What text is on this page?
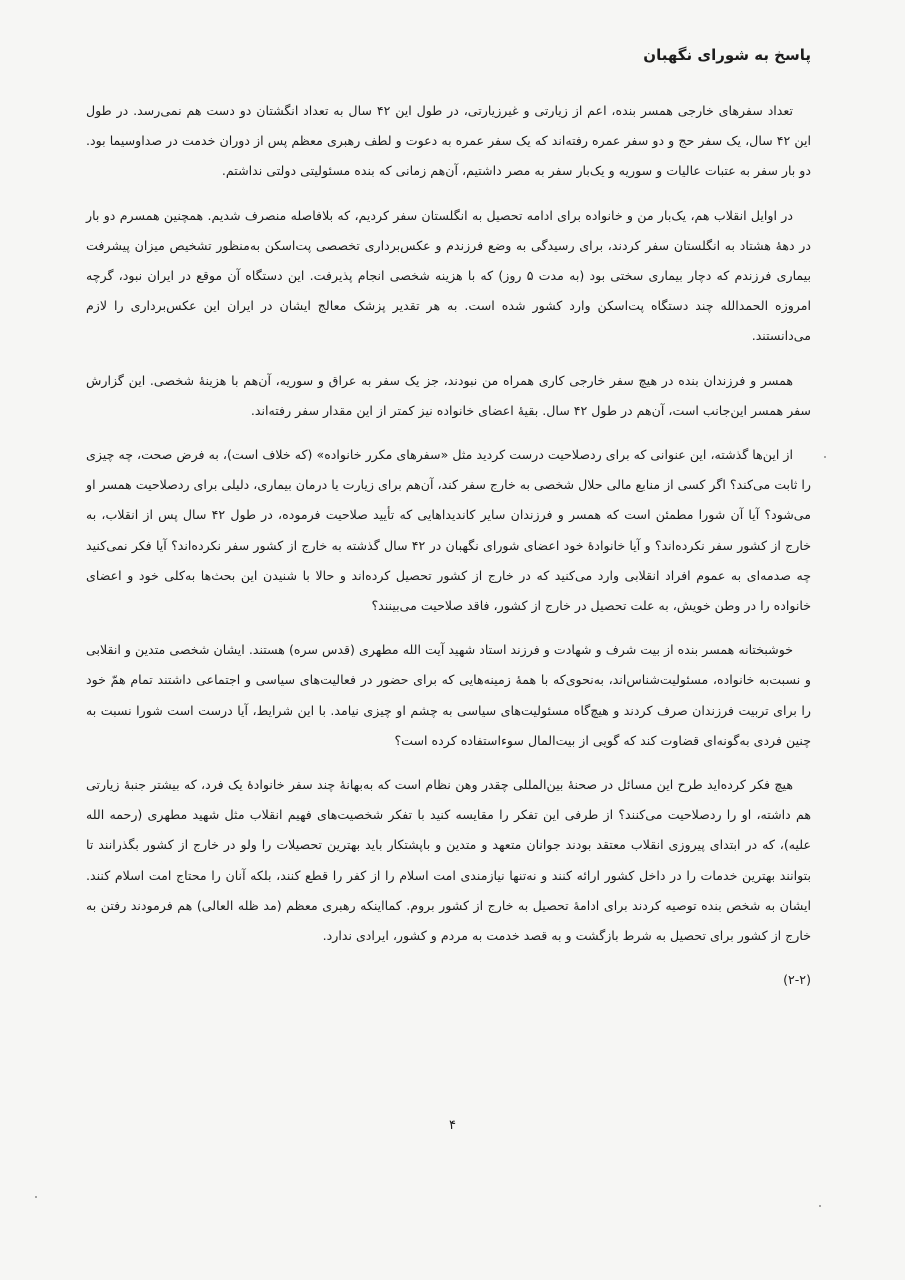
پاسخ به شورای نگهبان

تعداد سفرهای خارجی همسر بنده، اعم از زیارتی و غیرزیارتی، در طول این ۴۲ سال به تعداد انگشتان دو دست هم نمی‌رسد. در طول این ۴۲ سال، یک سفر حج و دو سفر عمره رفته‌اند که یک سفر عمره به دعوت و لطف رهبری معظم پس از دوران خدمت در صداوسیما بود. دو بار سفر به عتبات عالیات و سوریه و یک‌بار سفر به مصر داشتیم، آن‌هم زمانی که بنده مسئولیتی دولتی نداشتم.

در اوایل انقلاب هم، یک‌بار من و خانواده برای ادامه تحصیل به انگلستان سفر کردیم، که بلافاصله منصرف شدیم. همچنین همسرم دو بار در دههٔ هشتاد به انگلستان سفر کردند، برای رسیدگی به وضع فرزندم و عکس‌برداری تخصصی پت‌اسکن به‌منظور تشخیص میزان پیشرفت بیماری فرزندم که دچار بیماری سختی بود (به مدت ۵ روز) که با هزینه شخصی انجام پذیرفت. این دستگاه آن موقع در ایران نبود، گرچه امروزه الحمدالله چند دستگاه پت‌اسکن وارد کشور شده است. به هر تقدیر پزشک معالج ایشان در ایران این عکس‌برداری را لازم می‌دانستند.

همسر و فرزندان بنده در هیچ سفر خارجی کاری همراه من نبودند، جز یک سفر به عراق و سوریه، آن‌هم با هزینهٔ شخصی. این گزارش سفر همسر این‌جانب است، آن‌هم در طول ۴۲ سال. بقیهٔ اعضای خانواده نیز کمتر از این مقدار سفر رفته‌اند.

از این‌ها گذشته، این عنوانی که برای ردصلاحیت درست کردید مثل «سفرهای مکرر خانواده» (که خلاف است)، به فرض صحت، چه چیزی را ثابت می‌کند؟ اگر کسی از منابع مالی حلال شخصی به خارج سفر کند، آن‌هم برای زیارت یا درمان بیماری، دلیلی برای ردصلاحیت همسر او می‌شود؟ آیا آن شورا مطمئن است که همسر و فرزندان سایر کاندیداهایی که تأیید صلاحیت فرموده، در طول ۴۲ سال پس از انقلاب، به خارج از کشور سفر نکرده‌اند؟ و آیا خانوادهٔ خود اعضای شورای نگهبان در ۴۲ سال گذشته به خارج از کشور سفر نکرده‌اند؟ آیا فکر نمی‌کنید چه صدمه‌ای به عموم افراد انقلابی وارد می‌کنید که در خارج از کشور تحصیل کرده‌اند و حالا با شنیدن این بحث‌ها به‌کلی خود و اعضای خانواده را در وطن خویش، به علت تحصیل در خارج از کشور، فاقد صلاحیت می‌بینند؟

خوشبختانه همسر بنده از بیت شرف و شهادت و فرزند استاد شهید آیت الله مطهری (قدس سره) هستند. ایشان شخصی متدین و انقلابی و نسبت‌به خانواده، مسئولیت‌شناس‌اند، به‌نحوی‌که با همهٔ زمینه‌هایی که برای حضور در فعالیت‌های سیاسی و اجتماعی داشتند تمام همّ خود را برای تربیت فرزندان صرف کردند و هیچ‌گاه مسئولیت‌های سیاسی به چشم او چیزی نیامد. با این شرایط، آیا درست است شورا نسبت به چنین فردی به‌گونه‌ای قضاوت کند که گویی از بیت‌المال سوءاستفاده کرده است؟

هیچ فکر کرده‌اید طرح این مسائل در صحنهٔ بین‌المللی چقدر وهن نظام است که به‌بهانهٔ چند سفر خانوادهٔ یک فرد، که بیشتر جنبهٔ زیارتی هم داشته، او را ردصلاحیت می‌کنند؟ از طرفی این تفکر را مقایسه کنید با تفکر شخصیت‌های فهیم انقلاب مثل شهید مطهری (رحمه الله علیه)، که در ابتدای پیروزی انقلاب معتقد بودند جوانان متعهد و متدین و باپشتکار باید بهترین تحصیلات را ولو در خارج از کشور بگذرانند تا بتوانند بهترین خدمات را در داخل کشور ارائه کنند و نه‌تنها نیازمندی امت اسلام را از کفر را قطع کنند، بلکه آنان را محتاج امت اسلام کنند. ایشان به شخص بنده توصیه کردند برای ادامهٔ تحصیل به خارج از کشور بروم. کمااینکه رهبری معظم (مد ظله العالی) هم فرمودند رفتن به خارج از کشور برای تحصیل به شرط بازگشت و به قصد خدمت به مردم و کشور، ایرادی ندارد.

(۲-۲)

۴
